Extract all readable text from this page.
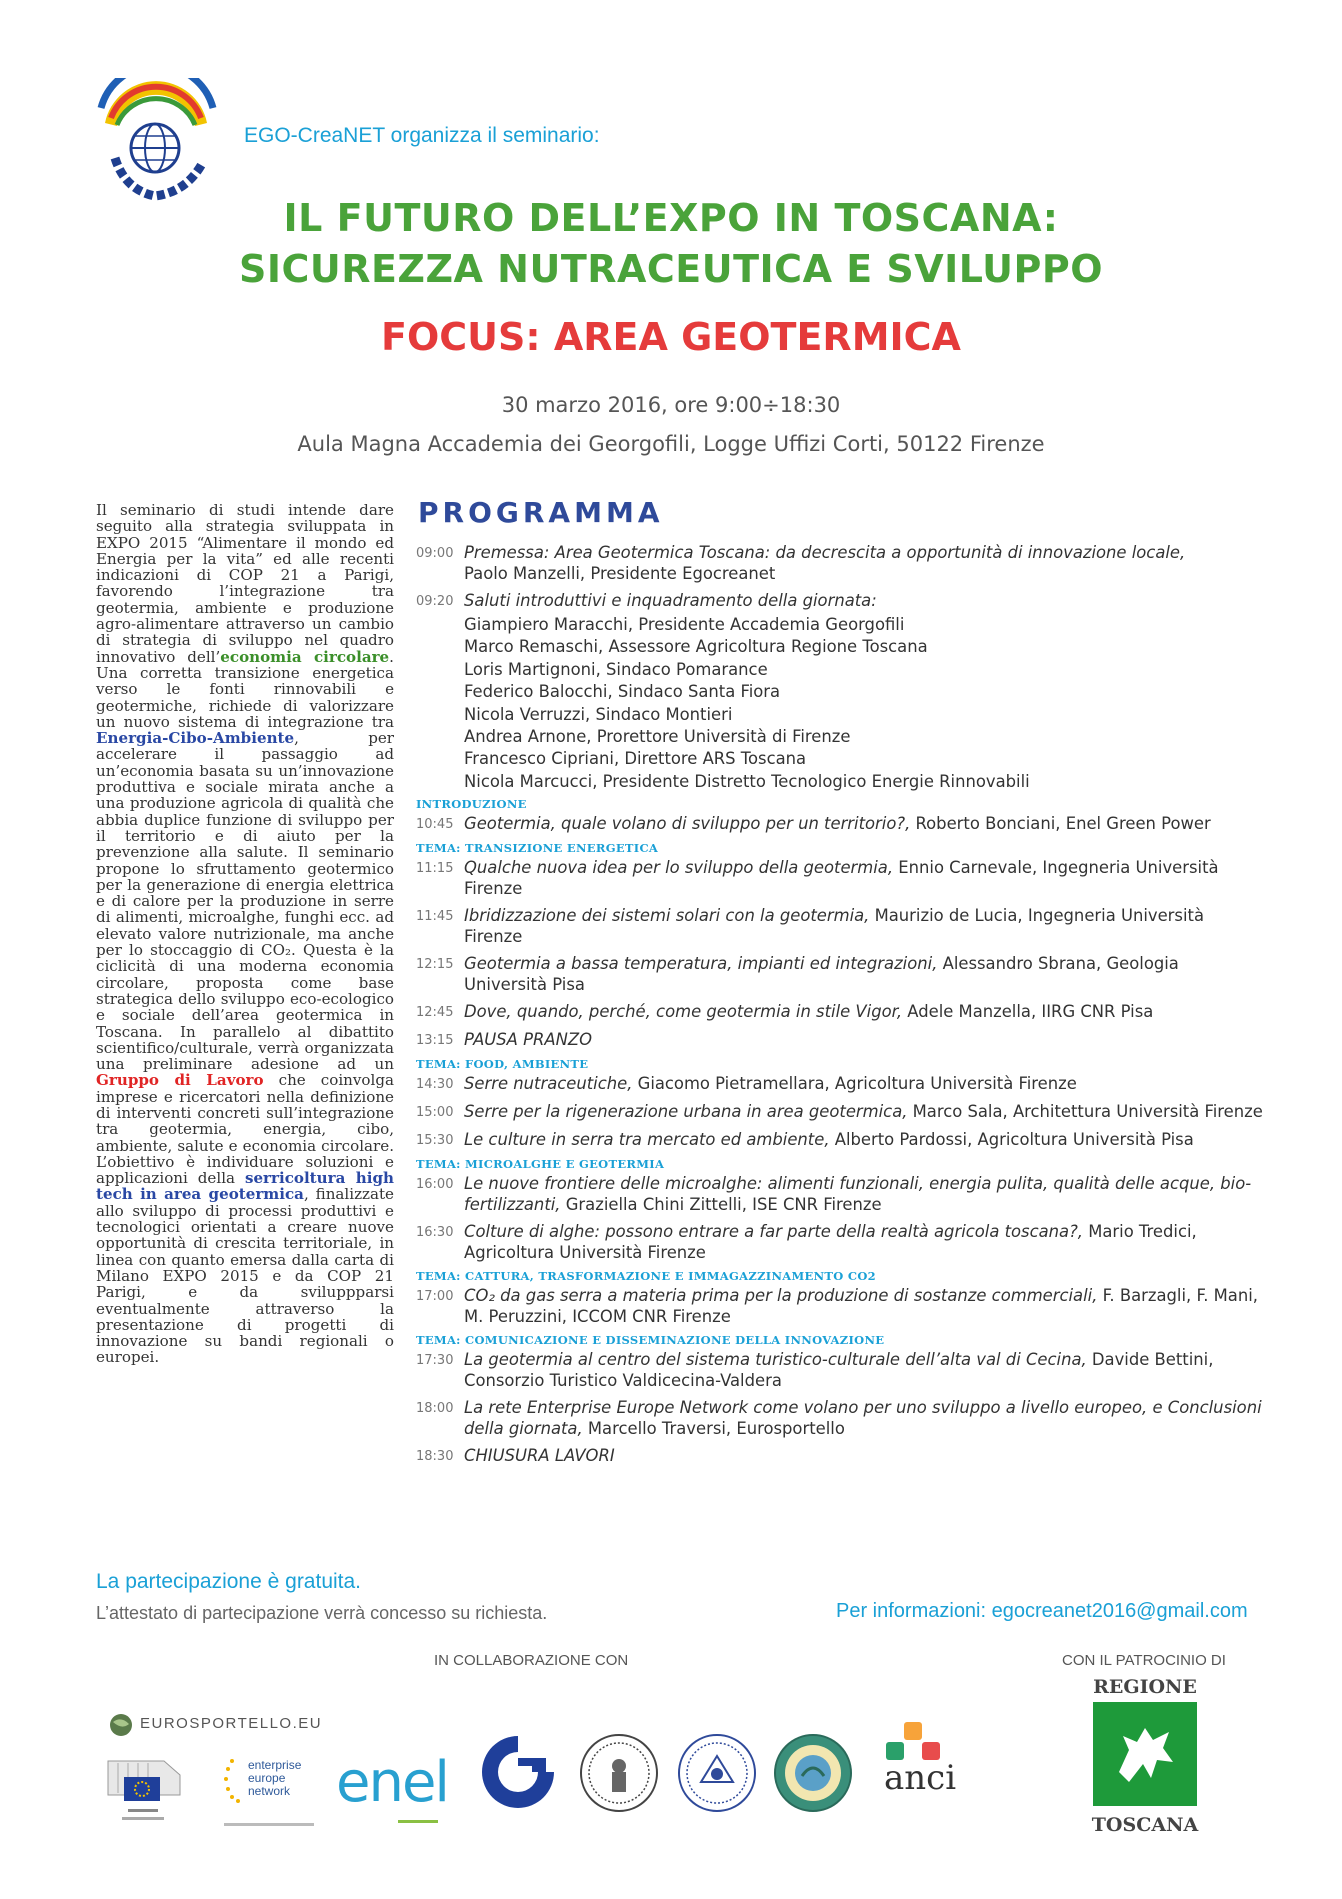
EGO-CreaNET organizza il seminario:
IL FUTURO DELL’EXPO IN TOSCANA:
SICUREZZA NUTRACEUTICA E SVILUPPO
FOCUS: AREA GEOTERMICA
30 marzo 2016, ore 9:00÷18:30
Aula Magna Accademia dei Georgofili, Logge Uffizi Corti, 50122 Firenze
Il seminario di studi intende dare seguito alla strategia sviluppata in EXPO 2015 “Alimentare il mondo ed Energia per la vita” ed alle recenti indicazioni di COP 21 a Parigi, favorendo l’integrazione tra geotermia, ambiente e produzione agro-alimentare attraverso un cambio di strategia di sviluppo nel quadro innovativo dell’economia circolare. Una corretta transizione energetica verso le fonti rinnovabili e geotermiche, richiede di valorizzare un nuovo sistema di integrazione tra Energia-Cibo-Ambiente, per accelerare il passaggio ad un’economia basata su un’innovazione produttiva e sociale mirata anche a una produzione agricola di qualità che abbia duplice funzione di sviluppo per il territorio e di aiuto per la prevenzione alla salute. Il seminario propone lo sfruttamento geotermico per la generazione di energia elettrica e di calore per la produzione in serre di alimenti, microalghe, funghi ecc. ad elevato valore nutrizionale, ma anche per lo stoccaggio di CO₂. Questa è la ciclicità di una moderna economia circolare, proposta come base strategica dello sviluppo eco-ecologico e sociale dell’area geotermica in Toscana. In parallelo al dibattito scientifico/culturale, verrà organizzata una preliminare adesione ad un Gruppo di Lavoro che coinvolga imprese e ricercatori nella definizione di interventi concreti sull’integrazione tra geotermia, energia, cibo, ambiente, salute e economia circolare. L’obiettivo è individuare soluzioni e applicazioni della serricoltura high tech in area geotermica, finalizzate allo sviluppo di processi produttivi e tecnologici orientati a creare nuove opportunità di crescita territoriale, in linea con quanto emersa dalla carta di Milano EXPO 2015 e da COP 21 Parigi, e da sviluppparsi eventualmente attraverso la presentazione di progetti di innovazione su bandi regionali o europei.
PROGRAMMA
09:00 Premessa: Area Geotermica Toscana: da decrescita a opportunità di innovazione locale,
Paolo Manzelli, Presidente Egocreanet
09:20 Saluti introduttivi e inquadramento della giornata:
Giampiero Maracchi, Presidente Accademia Georgofili
Marco Remaschi, Assessore Agricoltura Regione Toscana
Loris Martignoni, Sindaco Pomarance
Federico Balocchi, Sindaco Santa Fiora
Nicola Verruzzi, Sindaco Montieri
Andrea Arnone, Prorettore Università di Firenze
Francesco Cipriani, Direttore ARS Toscana
Nicola Marcucci, Presidente Distretto Tecnologico Energie Rinnovabili
INTRODUZIONE
10:45 Geotermia, quale volano di sviluppo per un territorio?, Roberto Bonciani, Enel Green Power
TEMA: TRANSIZIONE ENERGETICA
11:15 Qualche nuova idea per lo sviluppo della geotermia, Ennio Carnevale, Ingegneria Università Firenze
11:45 Ibridizzazione dei sistemi solari con la geotermia, Maurizio de Lucia, Ingegneria Università Firenze
12:15 Geotermia a bassa temperatura, impianti ed integrazioni, Alessandro Sbrana, Geologia Università Pisa
12:45 Dove, quando, perché, come geotermia in stile Vigor, Adele Manzella, IIRG CNR Pisa
13:15 PAUSA PRANZO
TEMA: FOOD, AMBIENTE
14:30 Serre nutraceutiche, Giacomo Pietramellara, Agricoltura Università Firenze
15:00 Serre per la rigenerazione urbana in area geotermica, Marco Sala, Architettura Università Firenze
15:30 Le culture in serra tra mercato ed ambiente, Alberto Pardossi, Agricoltura Università Pisa
TEMA: MICROALGHE E GEOTERMIA
16:00 Le nuove frontiere delle microalghe: alimenti funzionali, energia pulita, qualità delle acque, bio-fertilizzanti, Graziella Chini Zittelli, ISE CNR Firenze
16:30 Colture di alghe: possono entrare a far parte della realtà agricola toscana?, Mario Tredici, Agricoltura Università Firenze
TEMA: CATTURA, TRASFORMAZIONE E IMMAGAZZINAMENTO CO2
17:00 CO₂ da gas serra a materia prima per la produzione di sostanze commerciali, F. Barzagli, F. Mani, M. Peruzzini, ICCOM CNR Firenze
TEMA: COMUNICAZIONE E DISSEMINAZIONE DELLA INNOVAZIONE
17:30 La geotermia al centro del sistema turistico-culturale dell’alta val di Cecina, Davide Bettini, Consorzio Turistico Valdicecina-Valdera
18:00 La rete Enterprise Europe Network come volano per uno sviluppo a livello europeo, e Conclusioni della giornata, Marcello Traversi, Eurosportello
18:30 CHIUSURA LAVORI
La partecipazione è gratuita.
L’attestato di partecipazione verrà concesso su richiesta.	Per informazioni: egocreanet2016@gmail.com
IN COLLABORAZIONE CON	CON IL PATROCINIO DI
EUROSPORTELLO.EU
enterprise
europe
network enel	anci
REGIONE
TOSCANA
